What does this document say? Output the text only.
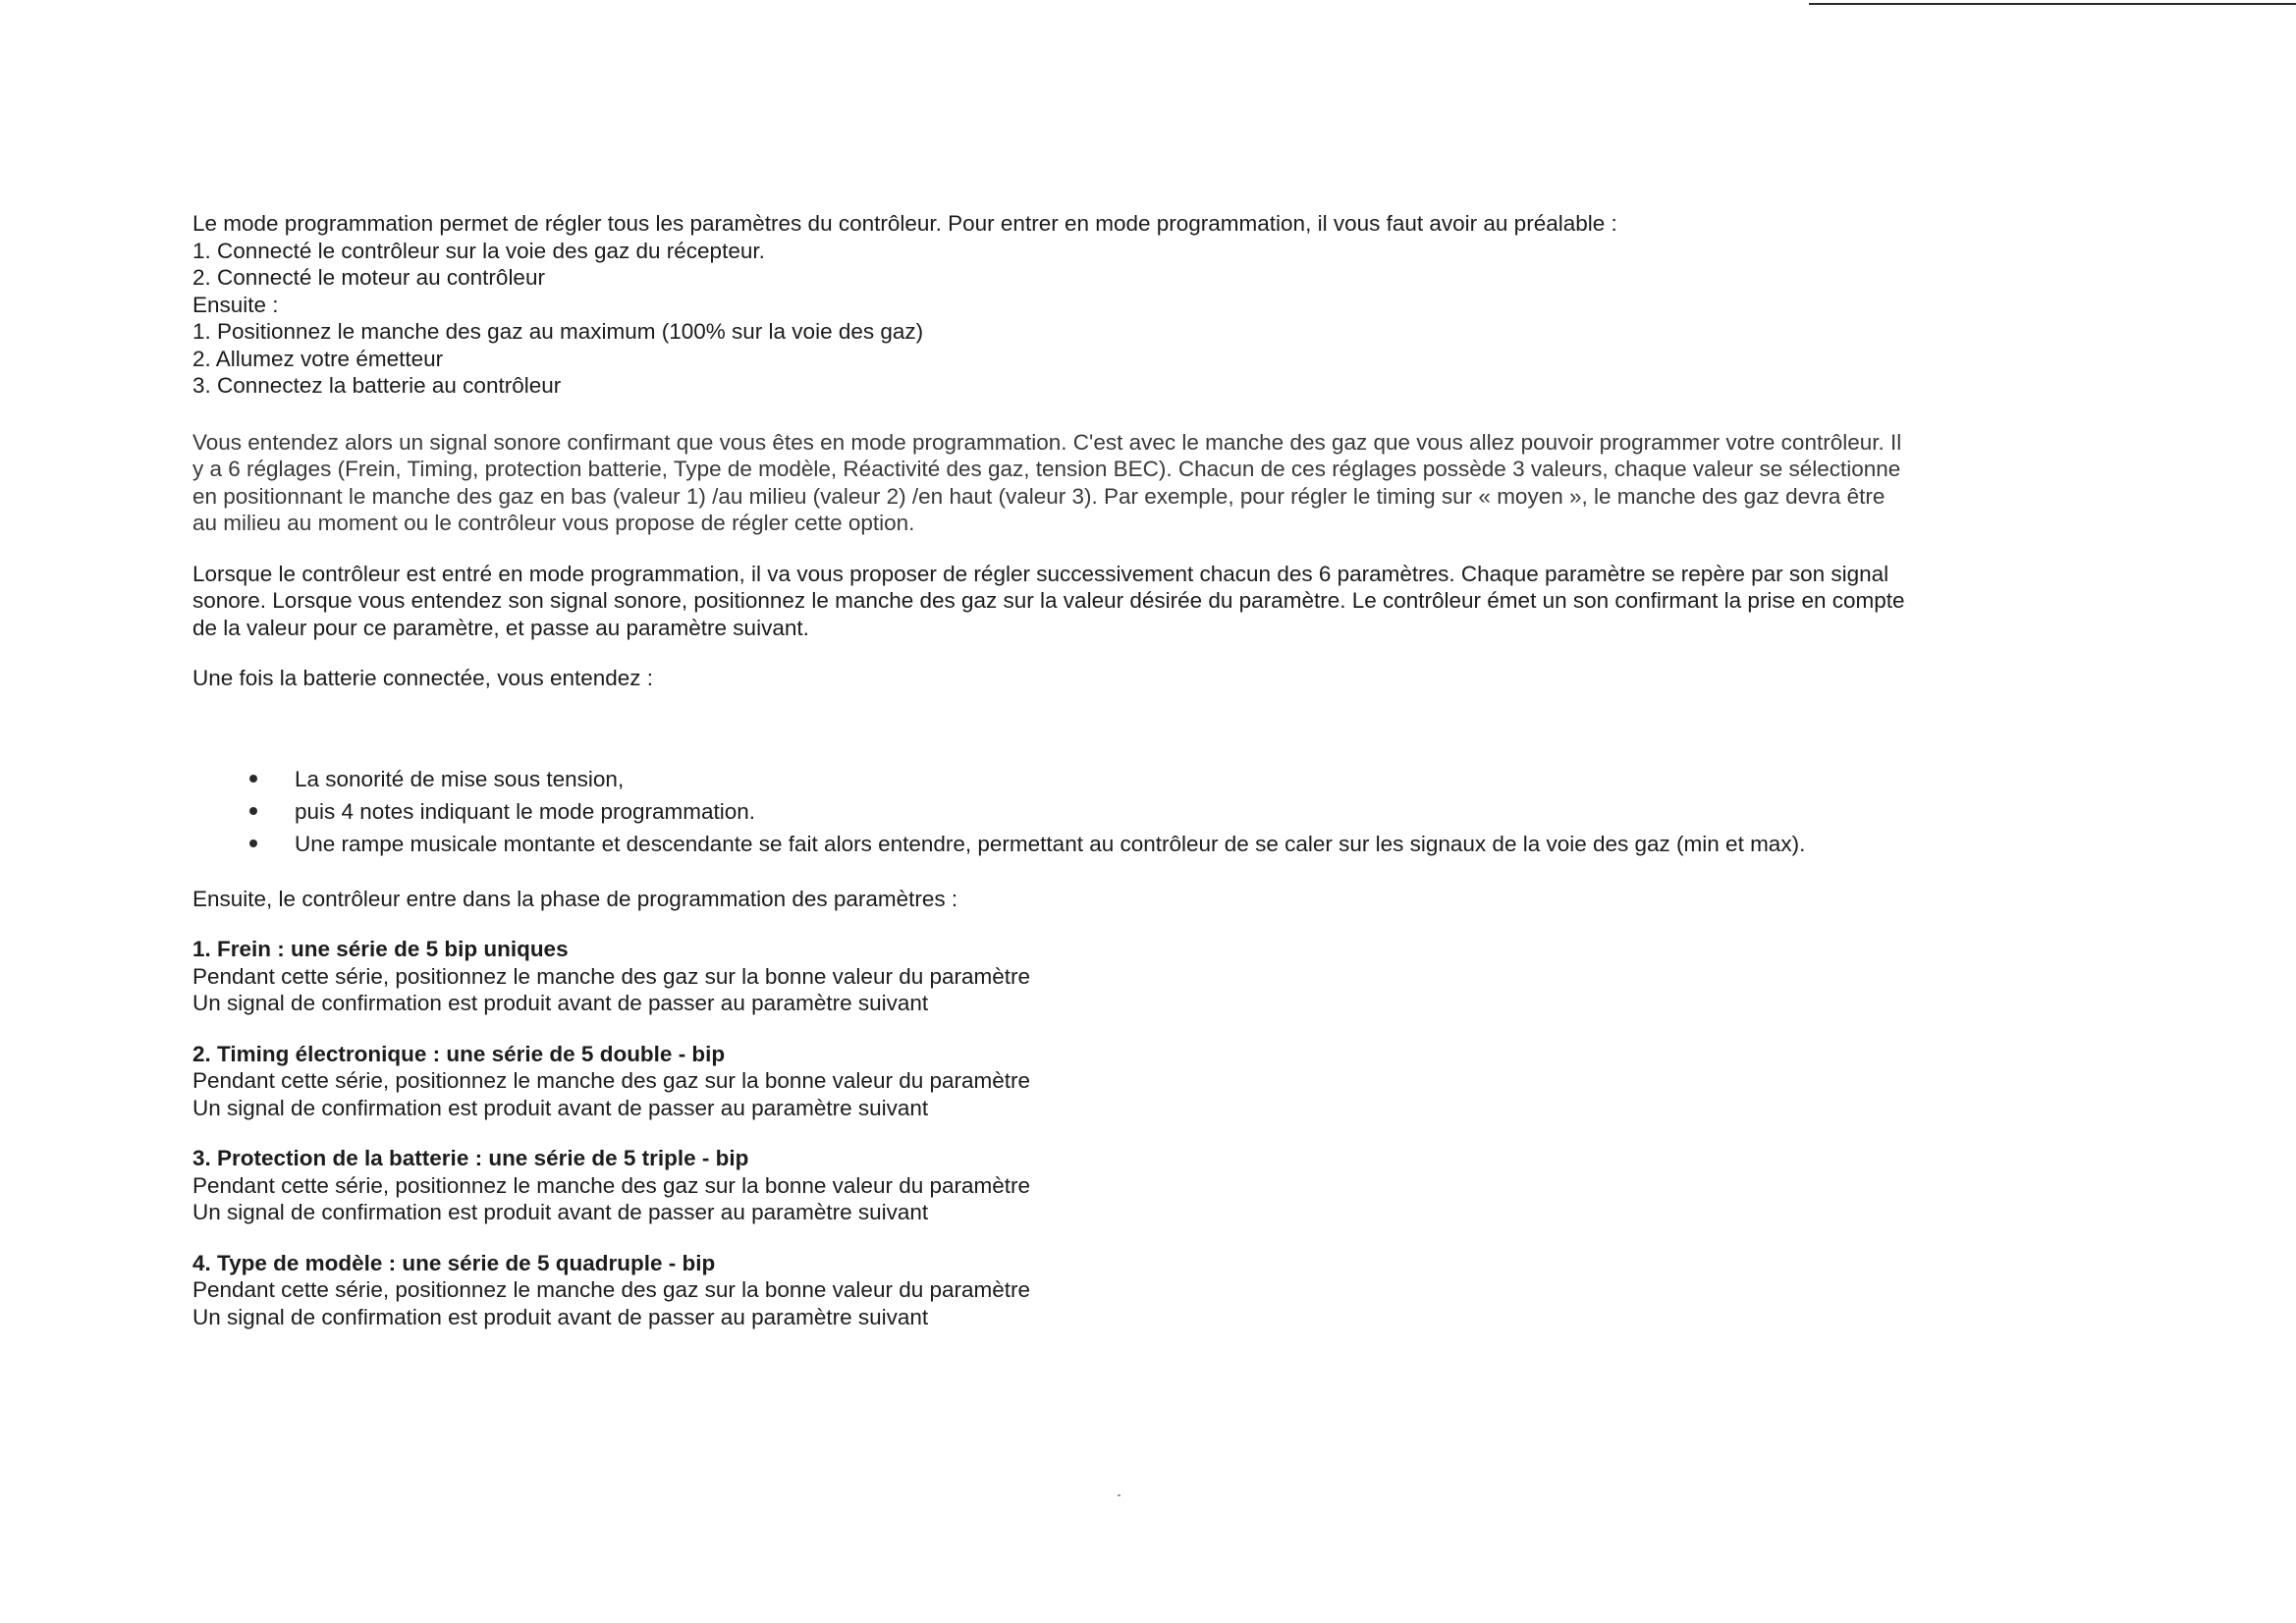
Le mode programmation permet de régler tous les paramètres du contrôleur. Pour entrer en mode programmation, il vous faut avoir au préalable :

1. Connecté le contrôleur sur la voie des gaz du récepteur.

2. Connecté le moteur au contrôleur

Ensuite :

1. Positionnez le manche des gaz au maximum (100% sur la voie des gaz)

2. Allumez votre émetteur

3. Connectez la batterie au contrôleur

Vous entendez alors un signal sonore confirmant que vous êtes en mode programmation. C'est avec le manche des gaz que vous allez pouvoir programmer votre contrôleur. Il

y a 6 réglages (Frein, Timing, protection batterie, Type de modèle, Réactivité des gaz, tension BEC). Chacun de ces réglages possède 3 valeurs, chaque valeur se sélectionne

en positionnant le manche des gaz en bas (valeur 1) /au milieu (valeur 2) /en haut (valeur 3). Par exemple, pour régler le timing sur « moyen », le manche des gaz devra être

au milieu au moment ou le contrôleur vous propose de régler cette option.

Lorsque le contrôleur est entré en mode programmation, il va vous proposer de régler successivement chacun des 6 paramètres. Chaque paramètre se repère par son signal

sonore. Lorsque vous entendez son signal sonore, positionnez le manche des gaz sur la valeur désirée du paramètre. Le contrôleur émet un son confirmant la prise en compte

de la valeur pour ce paramètre, et passe au paramètre suivant.

Une fois la batterie connectée, vous entendez :

La sonorité de mise sous tension,
puis 4 notes indiquant le mode programmation.
Une rampe musicale montante et descendante se fait alors entendre, permettant au contrôleur de se caler sur les signaux de la voie des gaz (min et max).

Ensuite, le contrôleur entre dans la phase de programmation des paramètres :

1. Frein : une série de 5 bip uniques

Pendant cette série, positionnez le manche des gaz sur la bonne valeur du paramètre

Un signal de confirmation est produit avant de passer au paramètre suivant

2. Timing électronique : une série de 5 double - bip

Pendant cette série, positionnez le manche des gaz sur la bonne valeur du paramètre

Un signal de confirmation est produit avant de passer au paramètre suivant

3. Protection de la batterie : une série de 5 triple - bip

Pendant cette série, positionnez le manche des gaz sur la bonne valeur du paramètre

Un signal de confirmation est produit avant de passer au paramètre suivant

4. Type de modèle : une série de 5 quadruple - bip

Pendant cette série, positionnez le manche des gaz sur la bonne valeur du paramètre

Un signal de confirmation est produit avant de passer au paramètre suivant
